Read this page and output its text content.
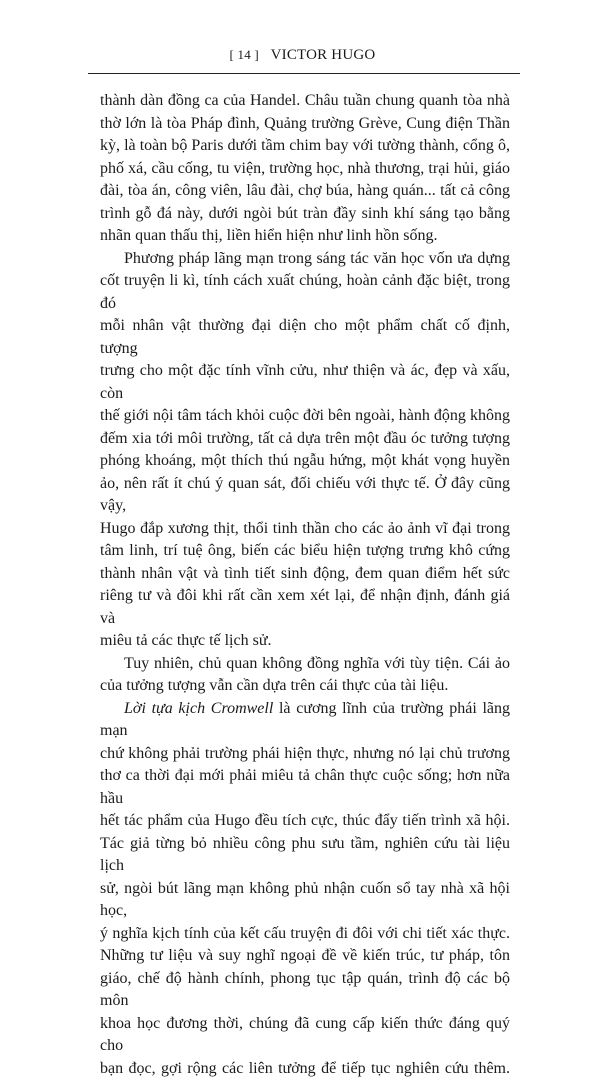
[ 14 ] VICTOR HUGO
thành dàn đồng ca của Handel. Châu tuần chung quanh tòa nhà
thờ lớn là tòa Pháp đình, Quảng trường Grève, Cung điện Thần
kỳ, là toàn bộ Paris dưới tầm chim bay với tường thành, cổng ô,
phố xá, cầu cống, tu viện, trường học, nhà thương, trại hủi, giáo
đài, tòa án, công viên, lâu đài, chợ búa, hàng quán... tất cả công
trình gỗ đá này, dưới ngòi bút tràn đầy sinh khí sáng tạo bằng
nhãn quan thấu thị, liền hiển hiện như linh hồn sống.
Phương pháp lãng mạn trong sáng tác văn học vốn ưa dựng
cốt truyện li kì, tính cách xuất chúng, hoàn cảnh đặc biệt, trong đó
mỗi nhân vật thường đại diện cho một phẩm chất cố định, tượng
trưng cho một đặc tính vĩnh cửu, như thiện và ác, đẹp và xấu, còn
thế giới nội tâm tách khỏi cuộc đời bên ngoài, hành động không
đếm xia tới môi trường, tất cả dựa trên một đầu óc tưởng tượng
phóng khoáng, một thích thú ngẫu hứng, một khát vọng huyền
ảo, nên rất ít chú ý quan sát, đối chiếu với thực tế. Ở đây cũng vậy,
Hugo đắp xương thịt, thổi tinh thần cho các ảo ảnh vĩ đại trong
tâm linh, trí tuệ ông, biến các biểu hiện tượng trưng khô cứng
thành nhân vật và tình tiết sinh động, đem quan điểm hết sức
riêng tư và đôi khi rất cần xem xét lại, để nhận định, đánh giá và
miêu tả các thực tế lịch sử.
Tuy nhiên, chủ quan không đồng nghĩa với tùy tiện. Cái ảo
của tưởng tượng vẫn cần dựa trên cái thực của tài liệu.
Lời tựa kịch Cromwell là cương lĩnh của trường phái lãng mạn
chứ không phải trường phái hiện thực, nhưng nó lại chủ trương
thơ ca thời đại mới phải miêu tả chân thực cuộc sống; hơn nữa hầu
hết tác phẩm của Hugo đều tích cực, thúc đẩy tiến trình xã hội.
Tác giả từng bỏ nhiều công phu sưu tầm, nghiên cứu tài liệu lịch
sử, ngòi bút lãng mạn không phủ nhận cuốn sổ tay nhà xã hội học,
ý nghĩa kịch tính của kết cấu truyện đi đôi với chi tiết xác thực.
Những tư liệu và suy nghĩ ngoại đề về kiến trúc, tư pháp, tôn
giáo, chế độ hành chính, phong tục tập quán, trình độ các bộ môn
khoa học đương thời, chúng đã cung cấp kiến thức đáng quý cho
bạn đọc, gợi rộng các liên tưởng để tiếp tục nghiên cứu thêm.
